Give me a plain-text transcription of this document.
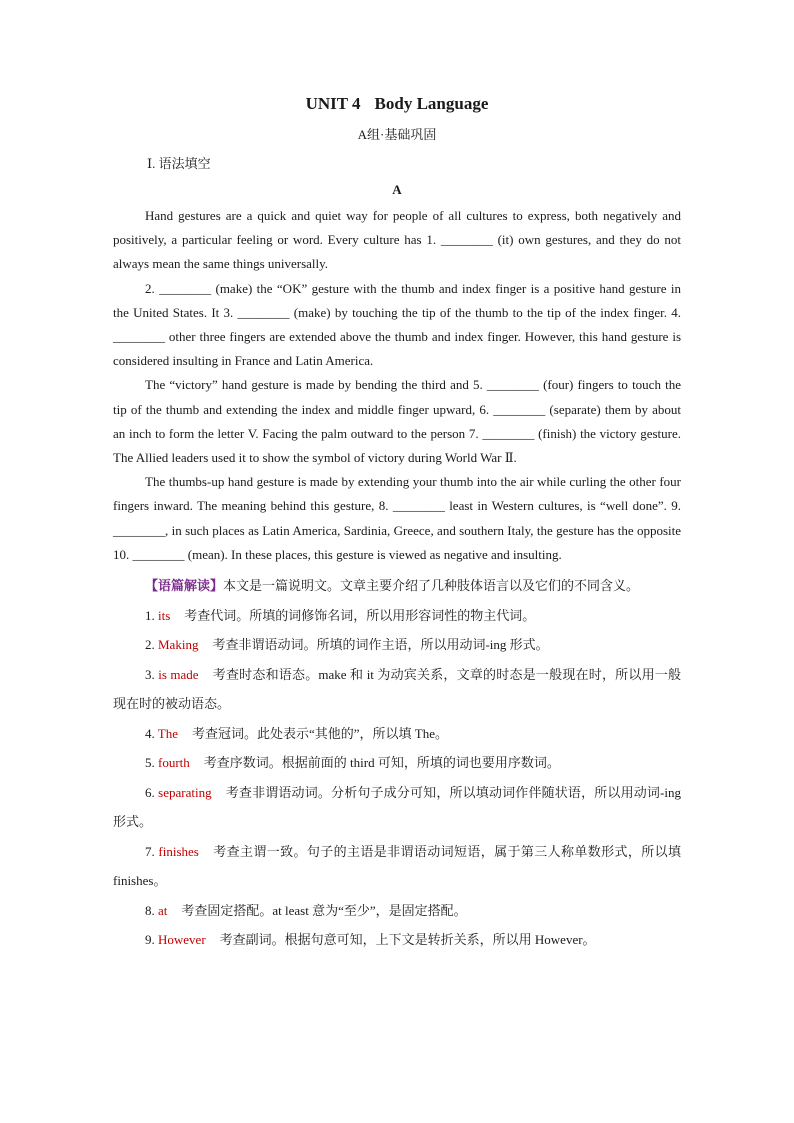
UNIT 4 Body Language
A组·基础巩固
Ⅰ. 语法填空
A

Hand gestures are a quick and quiet way for people of all cultures to express, both negatively and positively, a particular feeling or word. Every culture has 1. ________ (it) own gestures, and they do not always mean the same things universally.

2. ________ (make) the “OK” gesture with the thumb and index finger is a positive hand gesture in the United States. It 3. ________ (make) by touching the tip of the thumb to the tip of the index finger. 4. ________ other three fingers are extended above the thumb and index finger. However, this hand gesture is considered insulting in France and Latin America.

The “victory” hand gesture is made by bending the third and 5. ________ (four) fingers to touch the tip of the thumb and extending the index and middle finger upward, 6. ________ (separate) them by about an inch to form the letter V. Facing the palm outward to the person 7. ________ (finish) the victory gesture. The Allied leaders used it to show the symbol of victory during World War Ⅱ.

The thumbs-up hand gesture is made by extending your thumb into the air while curling the other four fingers inward. The meaning behind this gesture, 8. ________ least in Western cultures, is “well done”. 9. ________, in such places as Latin America, Sardinia, Greece, and southern Italy, the gesture has the opposite 10. ________ (mean). In these places, this gesture is viewed as negative and insulting.

【语篇解读】本文是一篇说明文。文章主要介绍了几种肢体语言以及它们的不同含义。

1. its 考查代词。所填的词修饰名词，所以用形容词性的物主代词。

2. Making 考查非谓语动词。所填的词作主语，所以用动词-ing 形式。

3. is made 考查时态和语态。make 和 it 为动宾关系，文章的时态是一般现在时，所以用一般现在时的被动语态。

4. The 考查冠词。此处表示“其他的”，所以填 The。

5. fourth 考查序数词。根据前面的 third 可知，所填的词也要用序数词。

6. separating 考查非谓语动词。分析句子成分可知，所以填动词作伴随状语，所以用动词-ing 形式。

7. finishes 考查主谓一致。句子的主语是非谓语动词短语，属于第三人称单数形式，所以填 finishes。

8. at 考查固定搭配。at least 意为“至少”，是固定搭配。

9. However 考查副词。根据句意可知，上下文是转折关系，所以用 However。
